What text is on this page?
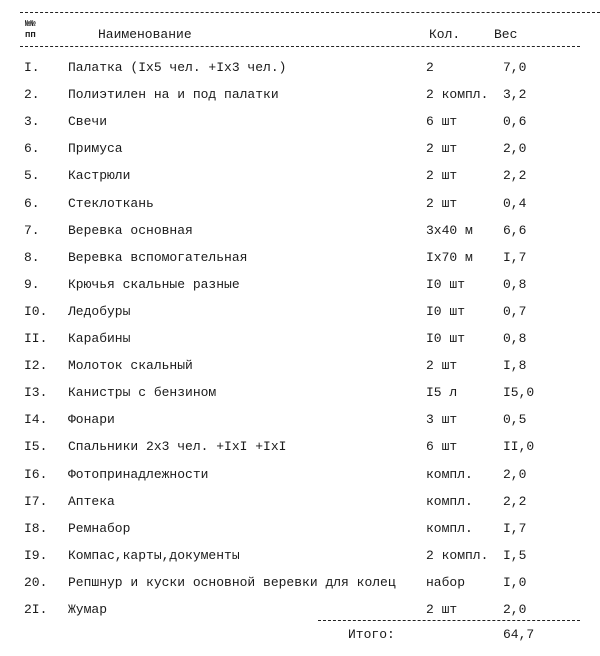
№№
пп	Наименование	Кол.	Вес
I. Палатка (Iх5 чел. +Iх3 чел.)	2	7,0
2. Полиэтилен на и под палатки	2 компл. 3,2
3. Свечи	6 шт	0,6
6. Примуса	2 шт	2,0
5. Кастрюли	2 шт	2,2
6. Стеклоткань	2 шт	0,4
7. Веревка основная	3х40 м 6,6
8. Веревка вспомогательная	Iх70 м I,7
9. Крючья скальные разные	I0 шт	0,8
I0. Ледобуры	I0 шт	0,7
II. Карабины	I0 шт	0,8
I2. Молоток скальный	2 шт	I,8
I3. Канистры с бензином	I5 л	I5,0
I4. Фонари	3 шт	0,5
I5. Спальники 2х3 чел. +IхI +IхI	6 шт	II,0
I6. Фотопринадлежности	компл. 2,0
I7. Аптека	компл. 2,2
I8. Ремнабор	компл. I,7
I9. Компас,карты,документы	2 компл. I,5
20. Репшнур и куски основной веревки для колец набор	I,0
2I. Жумар	2 шт	2,0
Итого:	64,7
